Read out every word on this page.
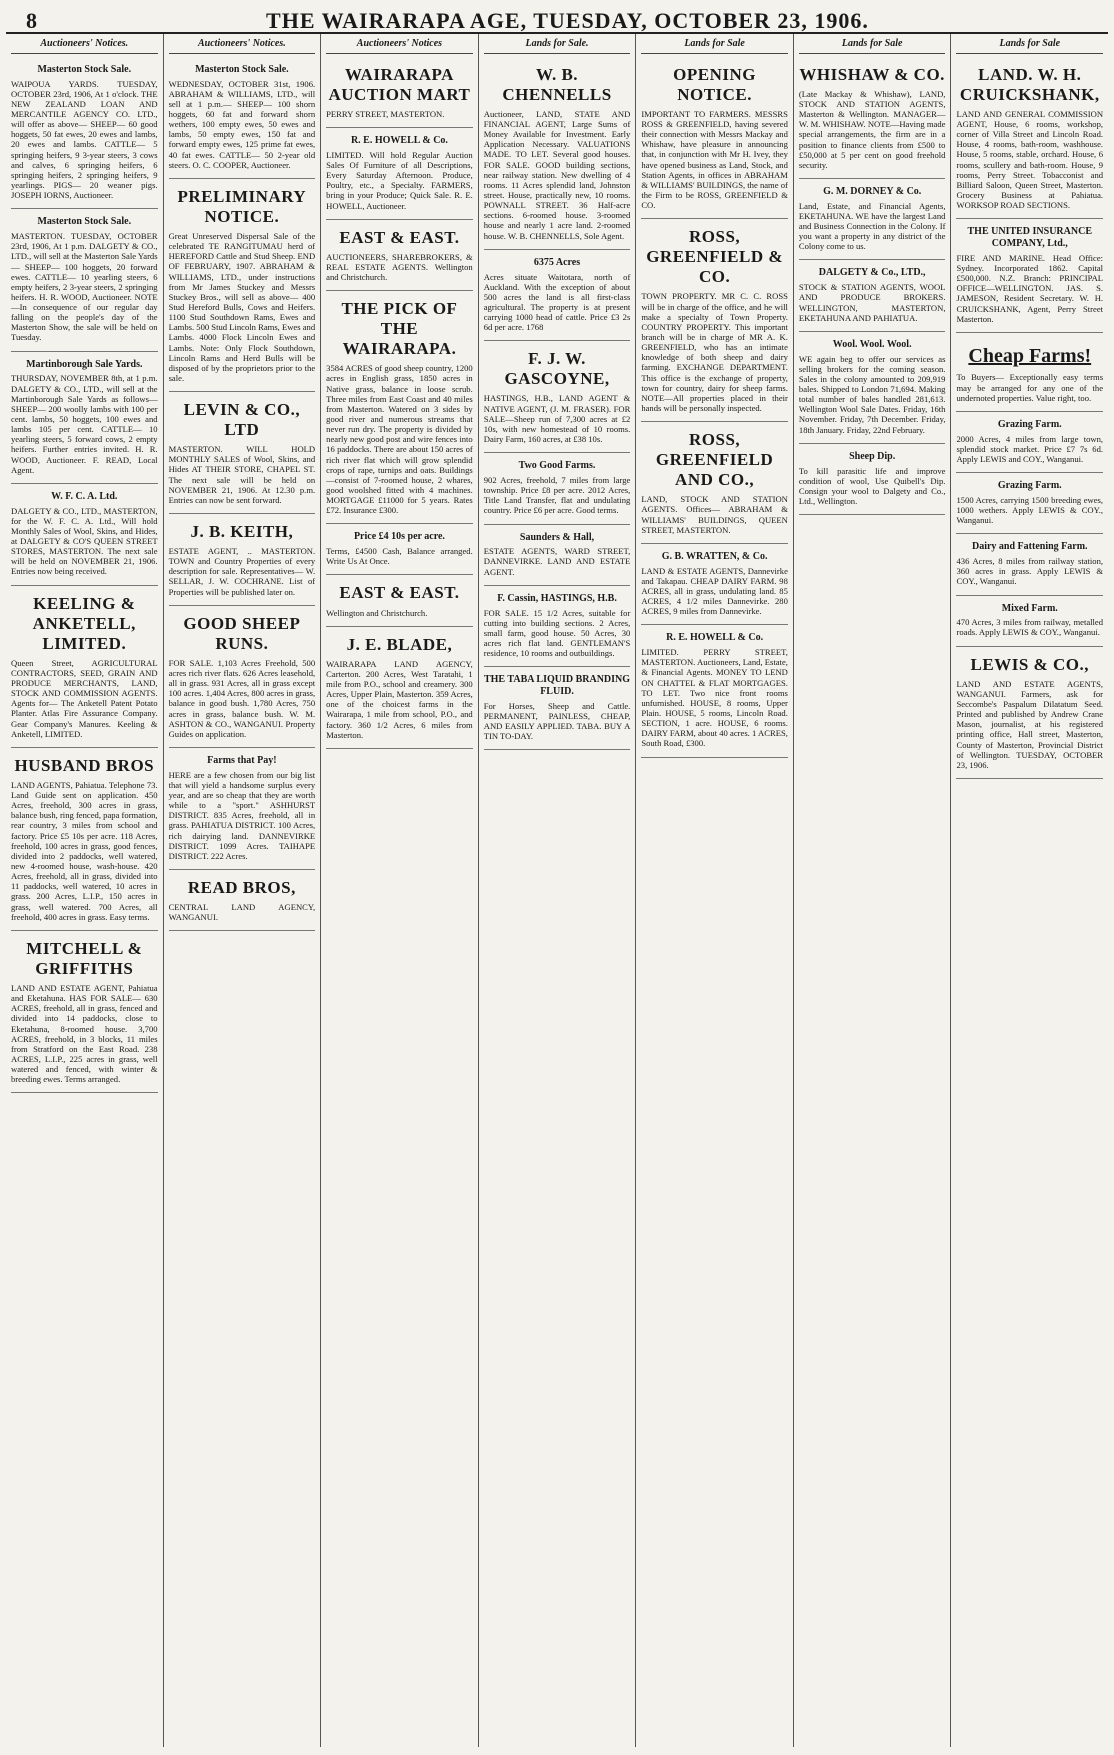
8	THE WAIRARAPA AGE, TUESDAY, OCTOBER 23, 1906.
Auctioneers' Notices.
Masterton Stock Sale.

WAIPOUA YARDS. TUESDAY, OCTOBER 23rd, 1906, At 1 o'clock. THE NEW ZEALAND LOAN AND MERCANTILE AGENCY CO. LTD., will offer as above— SHEEP— 60 good hoggets, 50 fat ewes, 20 ewes and lambs, 20 ewes and lambs. CATTLE— 5 springing heifers, 9 3-year steers, 3 cows and calves, 6 springing heifers, 6 springing heifers, 2 springing heifers, 9 yearlings. PIGS— 20 weaner pigs. JOSEPH IORNS, Auctioneer.

Masterton Stock Sale.

MASTERTON. TUESDAY, OCTOBER 23rd, 1906, At 1 p.m. DALGETY & CO., LTD., will sell at the Masterton Sale Yards— SHEEP— 100 hoggets, 20 forward ewes. CATTLE— 10 yearling steers, 6 empty heifers, 2 3-year steers, 2 springing heifers. H. R. WOOD, Auctioneer. NOTE—In consequence of our regular day falling on the people's day of the Masterton Show, the sale will be held on Tuesday.

Martinborough Sale Yards.

THURSDAY, NOVEMBER 8th, at 1 p.m. DALGETY & CO., LTD., will sell at the Martinborough Sale Yards as follows— SHEEP— 200 woolly lambs with 100 per cent. lambs, 50 hoggets, 100 ewes and lambs 105 per cent. CATTLE— 10 yearling steers, 5 forward cows, 2 empty heifers. Further entries invited. H. R. WOOD, Auctioneer. F. READ, Local Agent.

W. F. C. A. Ltd.

DALGETY & CO., LTD., MASTERTON, for the W. F. C. A. Ltd., Will hold Monthly Sales of Wool, Skins, and Hides, at DALGETY & CO'S QUEEN STREET STORES, MASTERTON. The next sale will be held on NOVEMBER 21, 1906. Entries now being received.

KEELING & ANKETELL, LIMITED.

Queen Street, AGRICULTURAL CONTRACTORS, SEED, GRAIN AND PRODUCE MERCHANTS, LAND, STOCK AND COMMISSION AGENTS. Agents for— The Anketell Patent Potato Planter. Atlas Fire Assurance Company. Gear Company's Manures. Keeling & Anketell, LIMITED.

HUSBAND BROS

LAND AGENTS, Pahiatua. Telephone 73. Land Guide sent on application. 450 Acres, freehold, 300 acres in grass, balance bush, ring fenced, papa formation, rear country, 3 miles from school and factory. Price £5 10s per acre. 118 Acres, freehold, 100 acres in grass, good fences, divided into 2 paddocks, well watered, new 4-roomed house, wash-house. 420 Acres, freehold, all in grass, divided into 11 paddocks, well watered, 10 acres in grass. 200 Acres, L.I.P., 150 acres in grass, well watered. 700 Acres, all freehold, 400 acres in grass. Easy terms.

MITCHELL & GRIFFITHS

LAND AND ESTATE AGENT, Pahiatua and Eketahuna. HAS FOR SALE— 630 ACRES, freehold, all in grass, fenced and divided into 14 paddocks, close to Eketahuna, 8-roomed house. 3,700 ACRES, freehold, in 3 blocks, 11 miles from Stratford on the East Road. 238 ACRES, L.I.P., 225 acres in grass, well watered and fenced, with winter & breeding ewes. Terms arranged.

Auctioneers' Notices.
Masterton Stock Sale.

WEDNESDAY, OCTOBER 31st, 1906. ABRAHAM & WILLIAMS, LTD., will sell at 1 p.m.— SHEEP— 100 shorn hoggets, 60 fat and forward shorn wethers, 100 empty ewes, 50 ewes and lambs, 50 empty ewes, 150 fat and forward empty ewes, 125 prime fat ewes, 40 fat ewes. CATTLE— 50 2-year old steers. O. C. COOPER, Auctioneer.

PRELIMINARY NOTICE.

Great Unreserved Dispersal Sale of the celebrated TE RANGITUMAU herd of HEREFORD Cattle and Stud Sheep. END OF FEBRUARY, 1907. ABRAHAM & WILLIAMS, LTD., under instructions from Mr James Stuckey and Messrs Stuckey Bros., will sell as above— 400 Stud Hereford Bulls, Cows and Heifers. 1100 Stud Southdown Rams, Ewes and Lambs. 500 Stud Lincoln Rams, Ewes and Lambs. 4000 Flock Lincoln Ewes and Lambs. Note: Only Flock Southdown, Lincoln Rams and Herd Bulls will be disposed of by the proprietors prior to the sale.

LEVIN & CO., LTD

MASTERTON. WILL HOLD MONTHLY SALES of Wool, Skins, and Hides AT THEIR STORE, CHAPEL ST. The next sale will be held on NOVEMBER 21, 1906. At 12.30 p.m. Entries can now be sent forward.

J. B. KEITH,

ESTATE AGENT, .. MASTERTON. TOWN and Country Properties of every description for sale. Representatives— W. SELLAR, J. W. COCHRANE. List of Properties will be published later on.

GOOD SHEEP RUNS.

FOR SALE. 1,103 Acres Freehold, 500 acres rich river flats. 626 Acres leasehold, all in grass. 931 Acres, all in grass except 100 acres. 1,404 Acres, 800 acres in grass, balance in good bush. 1,780 Acres, 750 acres in grass, balance bush. W. M. ASHTON & CO., WANGANUI. Property Guides on application.

Farms that Pay!

HERE are a few chosen from our big list that will yield a handsome surplus every year, and are so cheap that they are worth while to a "sport." ASHHURST DISTRICT. 835 Acres, freehold, all in grass. PAHIATUA DISTRICT. 100 Acres, rich dairying land. DANNEVIRKE DISTRICT. 1099 Acres. TAIHAPE DISTRICT. 222 Acres.

READ BROS,

CENTRAL LAND AGENCY, WANGANUI.

Auctioneers' Notices
WAIRARAPA AUCTION MART

PERRY STREET, MASTERTON.

R. E. HOWELL & Co.

LIMITED. Will hold Regular Auction Sales Of Furniture of all Descriptions, Every Saturday Afternoon. Produce, Poultry, etc., a Specialty. FARMERS, bring in your Produce; Quick Sale. R. E. HOWELL, Auctioneer.

EAST & EAST.

AUCTIONEERS, SHAREBROKERS, & REAL ESTATE AGENTS. Wellington and Christchurch.

THE PICK OF THE WAIRARAPA.

3584 ACRES of good sheep country, 1200 acres in English grass, 1850 acres in Native grass, balance in loose scrub. Three miles from East Coast and 40 miles from Masterton. Watered on 3 sides by good river and numerous streams that never run dry. The property is divided by nearly new good post and wire fences into 16 paddocks. There are about 150 acres of rich river flat which will grow splendid crops of rape, turnips and oats. Buildings—consist of 7-roomed house, 2 whares, good woolshed fitted with 4 machines. MORTGAGE £11000 for 5 years. Rates £72. Insurance £300.

Price £4 10s per acre.

Terms, £4500 Cash, Balance arranged. Write Us At Once.

EAST & EAST.

Wellington and Christchurch.

J. E. BLADE,

WAIRARAPA LAND AGENCY, Carterton. 200 Acres, West Taratahi, 1 mile from P.O., school and creamery. 300 Acres, Upper Plain, Masterton. 359 Acres, one of the choicest farms in the Wairarapa, 1 mile from school, P.O., and factory. 360 1/2 Acres, 6 miles from Masterton.

Lands for Sale.
W. B. CHENNELLS

Auctioneer, LAND, STATE AND FINANCIAL AGENT, Large Sums of Money Available for Investment. Early Application Necessary. VALUATIONS MADE. TO LET. Several good houses. FOR SALE. GOOD building sections, near railway station. New dwelling of 4 rooms. 11 Acres splendid land, Johnston street. House, practically new, 10 rooms. POWNALL STREET. 36 Half-acre sections. 6-roomed house. 3-roomed house and nearly 1 acre land. 2-roomed house. W. B. CHENNELLS, Sole Agent.

6375 Acres

Acres situate Waitotara, north of Auckland. With the exception of about 500 acres the land is all first-class agricultural. The property is at present carrying 1000 head of cattle. Price £3 2s 6d per acre. 1768

F. J. W. GASCOYNE,

HASTINGS, H.B., LAND AGENT & NATIVE AGENT, (J. M. FRASER). FOR SALE—Sheep run of 7,300 acres at £2 10s, with new homestead of 10 rooms. Dairy Farm, 160 acres, at £38 10s.

Two Good Farms.

902 Acres, freehold, 7 miles from large township. Price £8 per acre. 2012 Acres, Title Land Transfer, flat and undulating country. Price £6 per acre. Good terms.

Saunders & Hall,

ESTATE AGENTS, WARD STREET, DANNEVIRKE. LAND AND ESTATE AGENT.

F. Cassin, HASTINGS, H.B.

FOR SALE. 15 1/2 Acres, suitable for cutting into building sections. 2 Acres, small farm, good house. 50 Acres, 30 acres rich flat land. GENTLEMAN'S residence, 10 rooms and outbuildings.

THE TABA LIQUID BRANDING FLUID.

For Horses, Sheep and Cattle. PERMANENT, PAINLESS, CHEAP, AND EASILY APPLIED. TABA. BUY A TIN TO-DAY.

Lands for Sale
OPENING NOTICE.

IMPORTANT TO FARMERS. MESSRS ROSS & GREENFIELD, having severed their connection with Messrs Mackay and Whishaw, have pleasure in announcing that, in conjunction with Mr H. Ivey, they have opened business as Land, Stock, and Station Agents, in offices in ABRAHAM & WILLIAMS' BUILDINGS, the name of the Firm to be ROSS, GREENFIELD & CO.

ROSS, GREENFIELD & CO.

TOWN PROPERTY. MR C. C. ROSS will be in charge of the office, and he will make a specialty of Town Property. COUNTRY PROPERTY. This important branch will be in charge of MR A. K. GREENFIELD, who has an intimate knowledge of both sheep and dairy farming. EXCHANGE DEPARTMENT. This office is the exchange of property, town for country, dairy for sheep farms. NOTE—All properties placed in their hands will be personally inspected.

ROSS, GREENFIELD AND CO.,

LAND, STOCK AND STATION AGENTS. Offices— ABRAHAM & WILLIAMS' BUILDINGS, QUEEN STREET, MASTERTON.

G. B. WRATTEN, & Co.

LAND & ESTATE AGENTS, Dannevirke and Takapau. CHEAP DAIRY FARM. 98 ACRES, all in grass, undulating land. 85 ACRES, 4 1/2 miles Dannevirke. 280 ACRES, 9 miles from Dannevirke.

R. E. HOWELL & Co.

LIMITED. PERRY STREET, MASTERTON. Auctioneers, Land, Estate, & Financial Agents. MONEY TO LEND ON CHATTEL & FLAT MORTGAGES. TO LET. Two nice front rooms unfurnished. HOUSE, 8 rooms, Upper Plain. HOUSE, 5 rooms, Lincoln Road. SECTION, 1 acre. HOUSE, 6 rooms. DAIRY FARM, about 40 acres. 1 ACRES, South Road, £300.

Lands for Sale
WHISHAW & CO.

(Late Mackay & Whishaw), LAND, STOCK AND STATION AGENTS, Masterton & Wellington. MANAGER—W. M. WHISHAW. NOTE—Having made special arrangements, the firm are in a position to finance clients from £500 to £50,000 at 5 per cent on good freehold security.

G. M. DORNEY & Co.

Land, Estate, and Financial Agents, EKETAHUNA. WE have the largest Land and Business Connection in the Colony. If you want a property in any district of the Colony come to us.

DALGETY & Co., LTD.,

STOCK & STATION AGENTS, WOOL AND PRODUCE BROKERS. WELLINGTON, MASTERTON, EKETAHUNA AND PAHIATUA.

Wool. Wool. Wool.

WE again beg to offer our services as selling brokers for the coming season. Sales in the colony amounted to 209,919 bales. Shipped to London 71,694. Making total number of bales handled 281,613. Wellington Wool Sale Dates. Friday, 16th November. Friday, 7th December. Friday, 18th January. Friday, 22nd February.

Sheep Dip.

To kill parasitic life and improve condition of wool, Use Quibell's Dip. Consign your wool to Dalgety and Co., Ltd., Wellington.

Lands for Sale
LAND. W. H. CRUICKSHANK,

LAND AND GENERAL COMMISSION AGENT, House, 6 rooms, workshop, corner of Villa Street and Lincoln Road. House, 4 rooms, bath-room, washhouse. House, 5 rooms, stable, orchard. House, 6 rooms, scullery and bath-room. House, 9 rooms, Perry Street. Tobacconist and Billiard Saloon, Queen Street, Masterton. Grocery Business at Pahiatua. WORKSOP ROAD SECTIONS.

THE UNITED INSURANCE COMPANY, Ltd.,

FIRE AND MARINE. Head Office: Sydney. Incorporated 1862. Capital £500,000. N.Z. Branch: PRINCIPAL OFFICE—WELLINGTON. JAS. S. JAMESON, Resident Secretary. W. H. CRUICKSHANK, Agent, Perry Street Masterton.

Cheap Farms!

To Buyers— Exceptionally easy terms may be arranged for any one of the undernoted properties. Value right, too.

Grazing Farm.

2000 Acres, 4 miles from large town, splendid stock market. Price £7 7s 6d. Apply LEWIS and COY., Wanganui.

Grazing Farm.

1500 Acres, carrying 1500 breeding ewes, 1000 wethers. Apply LEWIS & COY., Wanganui.

Dairy and Fattening Farm.

436 Acres, 8 miles from railway station, 360 acres in grass. Apply LEWIS & COY., Wanganui.

Mixed Farm.

470 Acres, 3 miles from railway, metalled roads. Apply LEWIS & COY., Wanganui.

LEWIS & CO.,

LAND AND ESTATE AGENTS, WANGANUI. Farmers, ask for Seccombe's Paspalum Dilatatum Seed. Printed and published by Andrew Crane Mason, journalist, at his registered printing office, Hall street, Masterton, County of Masterton, Provincial District of Wellington. TUESDAY, OCTOBER 23, 1906.
